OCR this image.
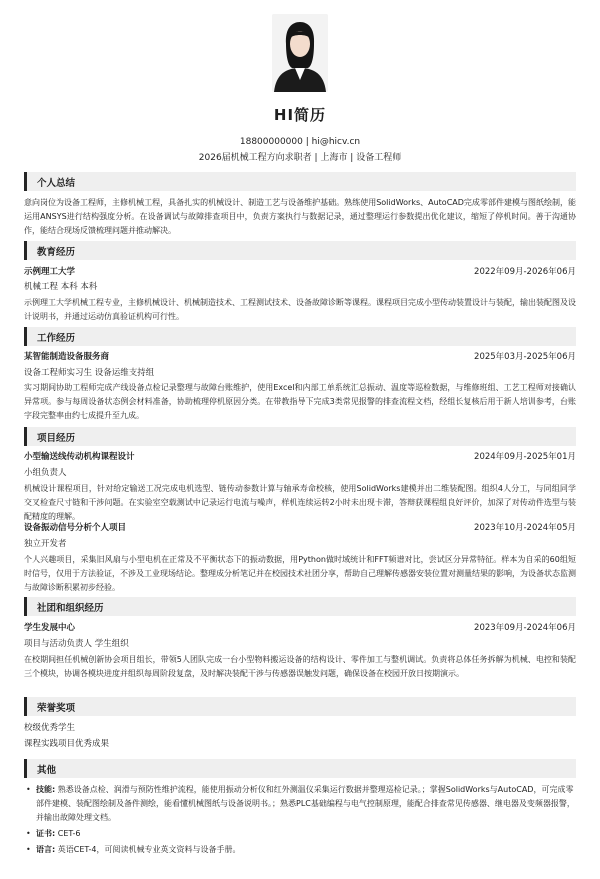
HI简历
18800000000 | hi@hicv.cn
2026届机械工程方向求职者 | 上海市 | 设备工程师
个人总结
意向岗位为设备工程师，主修机械工程，具备扎实的机械设计、制造工艺与设备维护基础。熟练使用SolidWorks、AutoCAD完成零部件建模与图纸绘制，能运用ANSYS进行结构强度分析。在设备调试与故障排查项目中，负责方案执行与数据记录，通过整理运行参数提出优化建议，缩短了停机时间。善于沟通协作，能结合现场反馈梳理问题并推动解决。
教育经历
示例理工大学	2022年09月-2026年06月
机械工程 本科 本科
示例理工大学机械工程专业，主修机械设计、机械制造技术、工程测试技术、设备故障诊断等课程。课程项目完成小型传动装置设计与装配，输出装配图及设计说明书，并通过运动仿真验证机构可行性。
工作经历
某智能制造设备服务商	2025年03月-2025年06月
设备工程师实习生 设备运维支持组
实习期间协助工程师完成产线设备点检记录整理与故障台账维护，使用Excel和内部工单系统汇总振动、温度等巡检数据，与维修班组、工艺工程师对接确认异常项。参与每周设备状态例会材料准备，协助梳理停机原因分类。在带教指导下完成3类常见报警的排查流程文档，经组长复核后用于新人培训参考，台账字段完整率由约七成提升至九成。
项目经历
小型输送线传动机构课程设计	2024年09月-2025年01月
小组负责人
机械设计课程项目，针对给定输送工况完成电机选型、链传动参数计算与轴承寿命校核，使用SolidWorks建模并出二维装配图。组织4人分工，与同组同学交叉检查尺寸链和干涉问题。在实验室空载测试中记录运行电流与噪声，样机连续运转2小时未出现卡滞，答辩获课程组良好评价，加深了对传动件选型与装配精度的理解。
设备振动信号分析个人项目	2023年10月-2024年05月
独立开发者
个人兴趣项目，采集旧风扇与小型电机在正常及不平衡状态下的振动数据，用Python做时域统计和FFT频谱对比，尝试区分异常特征。样本为自采的60组短时信号，仅用于方法验证，不涉及工业现场结论。整理成分析笔记并在校园技术社团分享，帮助自己理解传感器安装位置对测量结果的影响，为设备状态监测与故障诊断积累初步经验。
社团和组织经历
学生发展中心	2023年09月-2024年06月
项目与活动负责人 学生组织
在校期间担任机械创新协会项目组长，带领5人团队完成一台小型物料搬运设备的结构设计、零件加工与整机调试。负责将总体任务拆解为机械、电控和装配三个模块，协调各模块进度并组织每周阶段复盘，及时解决装配干涉与传感器误触发问题，确保设备在校园开放日按期演示。
荣誉奖项
校级优秀学生
课程实践项目优秀成果
其他
• 技能: 熟悉设备点检、润滑与预防性维护流程，能使用振动分析仪和红外测温仪采集运行数据并整理巡检记录。；掌握SolidWorks与AutoCAD，可完成零部件建模、装配图绘制及备件测绘，能看懂机械图纸与设备说明书。；熟悉PLC基础编程与电气控制原理，能配合排查常见传感器、继电器及变频器报警，并输出故障处理文档。
• 证书: CET-6
• 语言: 英语CET-4，可阅读机械专业英文资料与设备手册。
